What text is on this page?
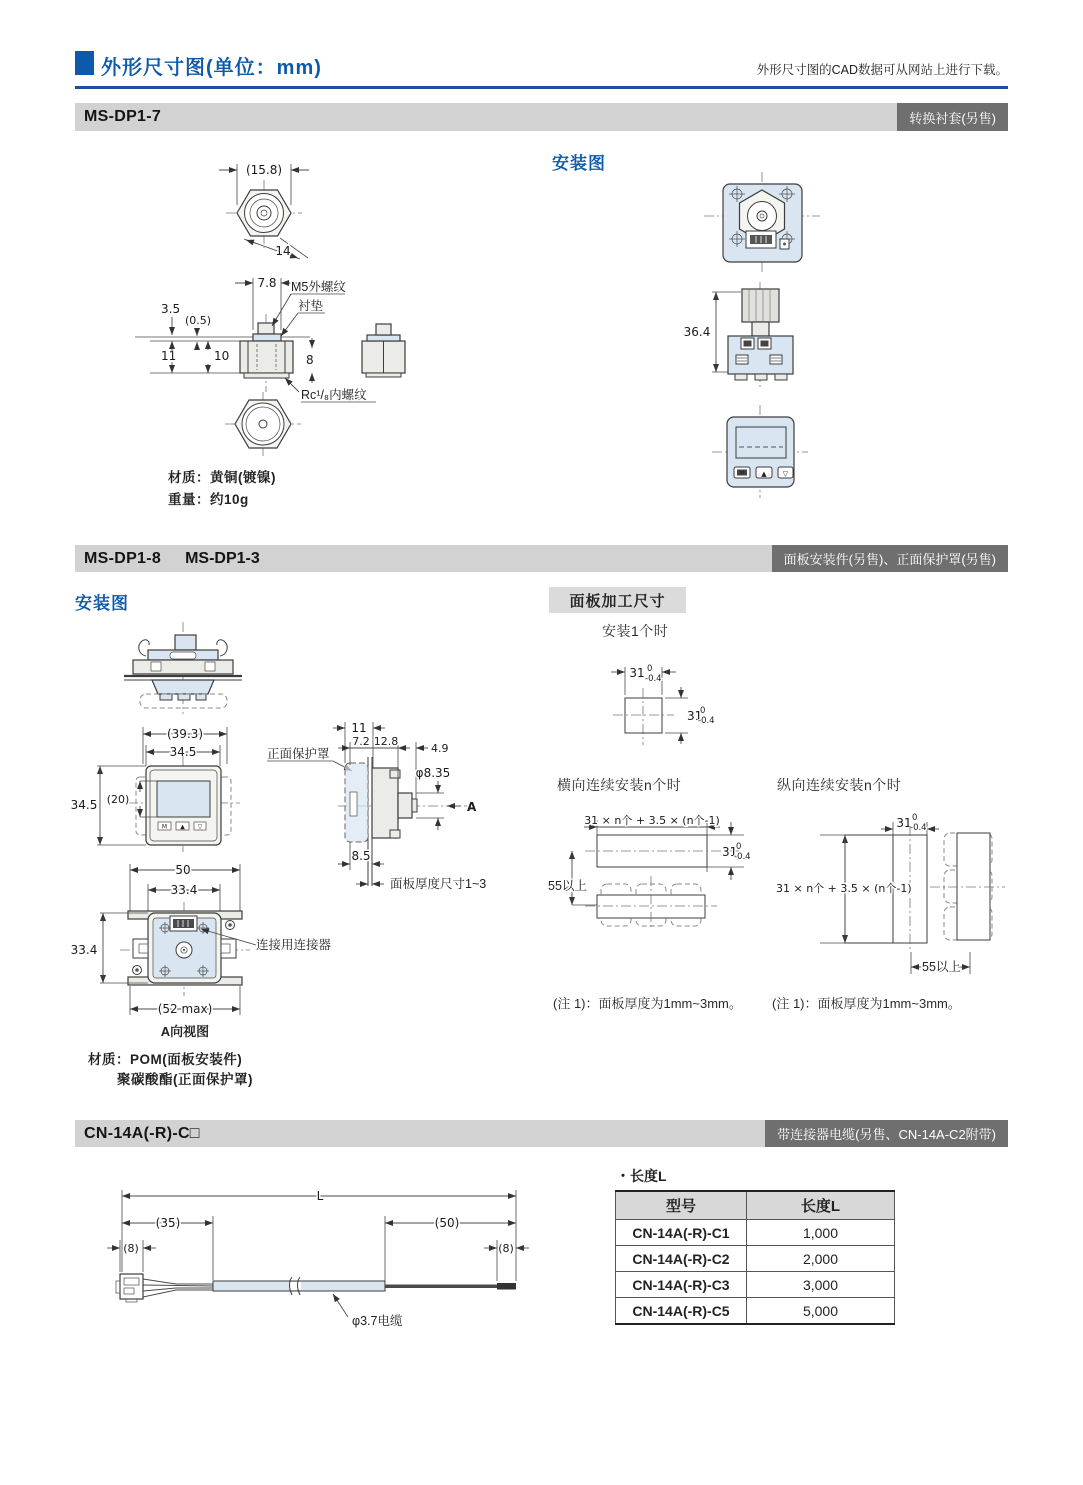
(15.8)
14
7.8 M5外螺纹
衬垫
3.5
(0.5)
11	10	8
Rc¹/₈内螺纹
36.4
M ▲ ▽
(39.3)
34.5
M ▲ ▽
34.5 (20)
正面保护罩
11
7.2 12.8
4.9
φ8.35
A
8.5
面板厚度尺寸1~3
50
33.4
连接用连接器
33.4
(52 max)
A向视图
31 0
-0.4
31
0
-0.4
31 × n个 + 3.5 × (n个-1)
31
0
-0.4
55以上
31 0
-0.4
31 × n个 + 3.5 × (n个-1)
55以上
L
(35)	(50)
(8)	(8)
φ3.7电缆
外形尺寸图(单位：mm)	外形尺寸图的CAD数据可从网站上进行下载。
MS-DP1-7	转换衬套(另售)
安装图
材质：黄铜(镀镍)
重量：约10g
MS-DP1-8	MS-DP1-3	面板安装件(另售)、正面保护罩(另售)
安装图	面板加工尺寸
安装1个时
横向连续安装n个时	纵向连续安装n个时
(注 1)：面板厚度为1mm~3mm。 (注 1)：面板厚度为1mm~3mm。
材质：POM(面板安装件)
聚碳酸酯(正面保护罩)
CN-14A(-R)-C□	带连接器电缆(另售、CN-14A-C2附带)
・长度L
型号	长度L
CN-14A(-R)-C1	1,000
CN-14A(-R)-C2	2,000
CN-14A(-R)-C3	3,000
CN-14A(-R)-C5	5,000
